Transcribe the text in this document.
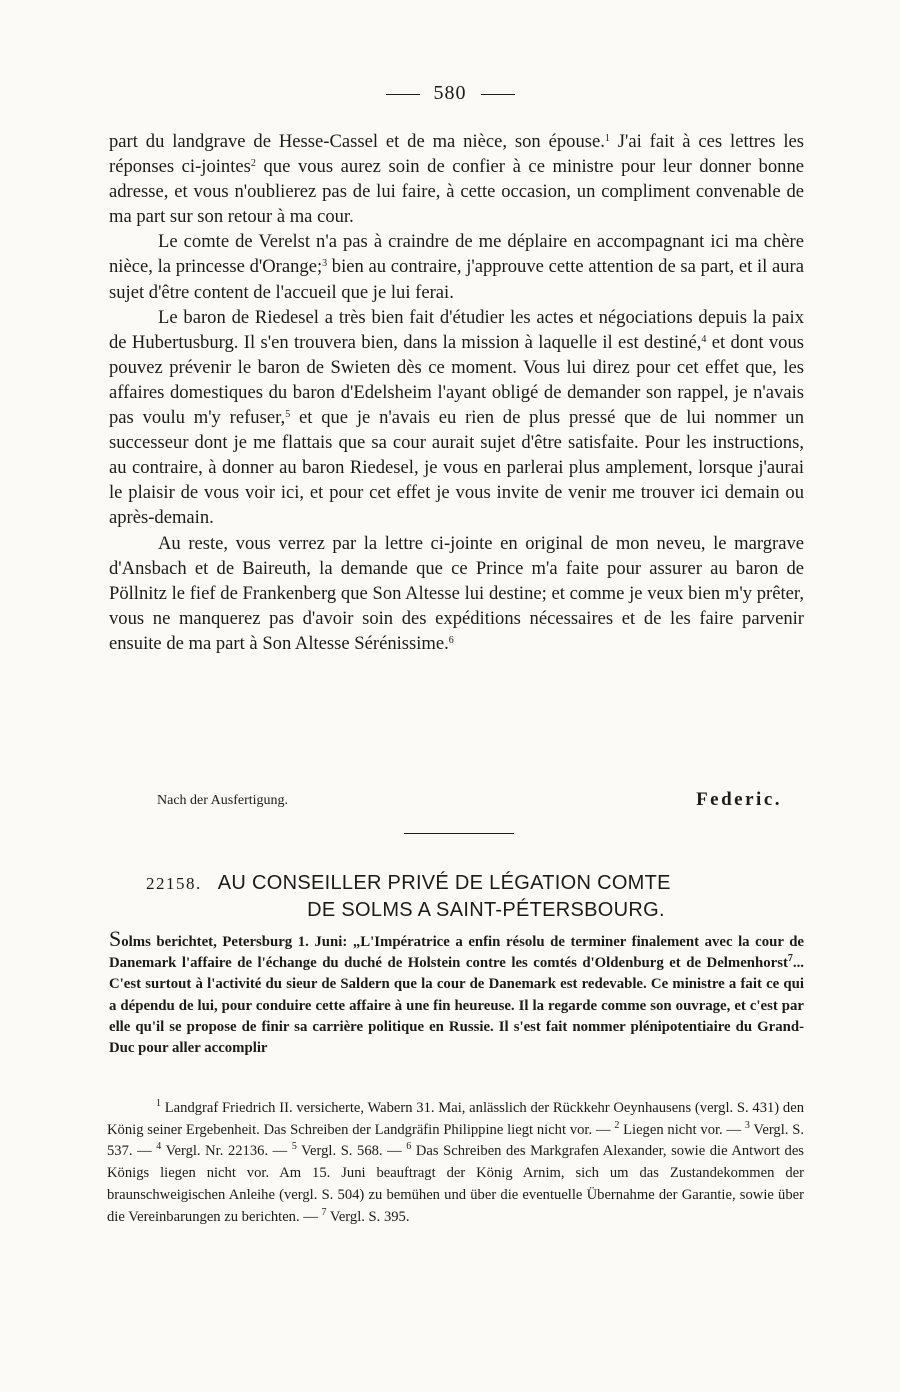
580

part du landgrave de Hesse-Cassel et de ma nièce, son épouse.$^1$ J'ai fait à ces lettres les réponses ci-jointes$^2$ que vous aurez soin de confier à ce ministre pour leur donner bonne adresse, et vous n'oublierez pas de lui faire, à cette occasion, un compliment convenable de ma part sur son retour à ma cour.

Le comte de Verelst n'a pas à craindre de me déplaire en accompagnant ici ma chère nièce, la princesse d'Orange;$^3$ bien au contraire, j'approuve cette attention de sa part, et il aura sujet d'être content de l'accueil que je lui ferai.

Le baron de Riedesel a très bien fait d'étudier les actes et négociations depuis la paix de Hubertusburg. Il s'en trouvera bien, dans la mission à laquelle il est destiné,$^4$ et dont vous pouvez prévenir le baron de Swieten dès ce moment. Vous lui direz pour cet effet que, les affaires domestiques du baron d'Edelsheim l'ayant obligé de demander son rappel, je n'avais pas voulu m'y refuser,$^5$ et que je n'avais eu rien de plus pressé que de lui nommer un successeur dont je me flattais que sa cour aurait sujet d'être satisfaite. Pour les instructions, au contraire, à donner au baron Riedesel, je vous en parlerai plus amplement, lorsque j'aurai le plaisir de vous voir ici, et pour cet effet je vous invite de venir me trouver ici demain ou après-demain.

Au reste, vous verrez par la lettre ci-jointe en original de mon neveu, le margrave d'Ansbach et de Baireuth, la demande que ce Prince m'a faite pour assurer au baron de Pöllnitz le fief de Frankenberg que Son Altesse lui destine; et comme je veux bien m'y prêter, vous ne manquerez pas d'avoir soin des expéditions nécessaires et de les faire parvenir ensuite de ma part à Son Altesse Sérénissime.$^6$

Nach der Ausfertigung.	Federic.
22158. AU CONSEILLER PRIVÉ DE LÉGATION COMTE
DE SOLMS A SAINT-PÉTERSBOURG.
Solms berichtet, Petersburg 1. Juni: „L'Impératrice a enfin résolu de terminer finalement avec la cour de Danemark l'affaire de l'échange du duché de Holstein contre les comtés d'Oldenburg et de Delmenhorst$^7$... C'est surtout à l'activité du sieur de Saldern que la cour de Danemark est redevable. Ce ministre a fait ce qui a dépendu de lui, pour conduire cette affaire à une fin heureuse. Il la regarde comme son ouvrage, et c'est par elle qu'il se propose de finir sa carrière politique en Russie. Il s'est fait nommer plénipotentiaire du Grand-Duc pour aller accomplir

$^1$ Landgraf Friedrich II. versicherte, Wabern 31. Mai, anlässlich der Rückkehr Oeynhausens (vergl. S. 431) den König seiner Ergebenheit. Das Schreiben der Landgräfin Philippine liegt nicht vor. — $^2$ Liegen nicht vor. — $^3$ Vergl. S. 537. — $^4$ Vergl. Nr. 22136. — $^5$ Vergl. S. 568. — $^6$ Das Schreiben des Markgrafen Alexander, sowie die Antwort des Königs liegen nicht vor. Am 15. Juni beauftragt der König Arnim, sich um das Zustandekommen der braunschweigischen Anleihe (vergl. S. 504) zu bemühen und über die eventuelle Übernahme der Garantie, sowie über die Vereinbarungen zu berichten. — $^7$ Vergl. S. 395.
